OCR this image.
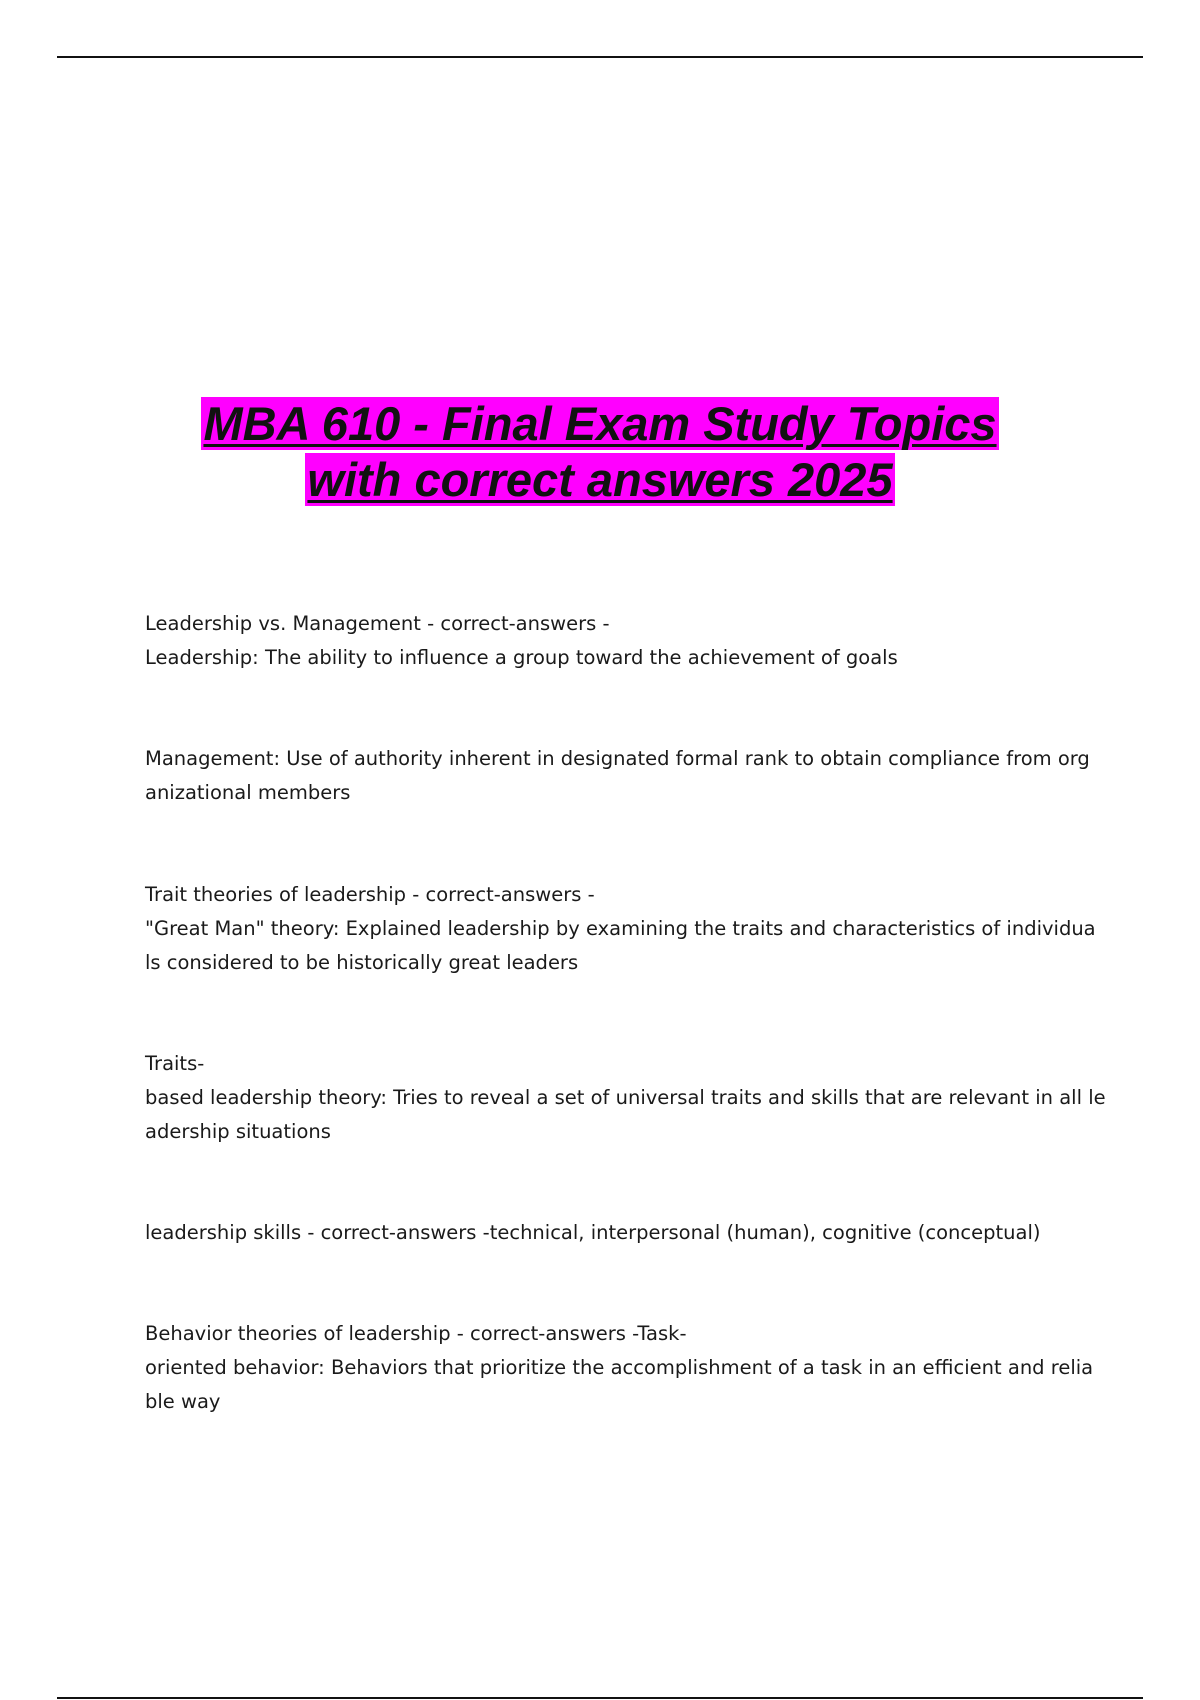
MBA 610 - Final Exam Study Topics
with correct answers 2025
Leadership vs. Management - correct-answers -
Leadership: The ability to influence a group toward the achievement of goals
Management: Use of authority inherent in designated formal rank to obtain compliance from org
anizational members
Trait theories of leadership - correct-answers -
"Great Man" theory: Explained leadership by examining the traits and characteristics of individua
ls considered to be historically great leaders
Traits-
based leadership theory: Tries to reveal a set of universal traits and skills that are relevant in all le
adership situations
leadership skills - correct-answers -technical, interpersonal (human), cognitive (conceptual)
Behavior theories of leadership - correct-answers -Task-
oriented behavior: Behaviors that prioritize the accomplishment of a task in an efficient and relia
ble way
